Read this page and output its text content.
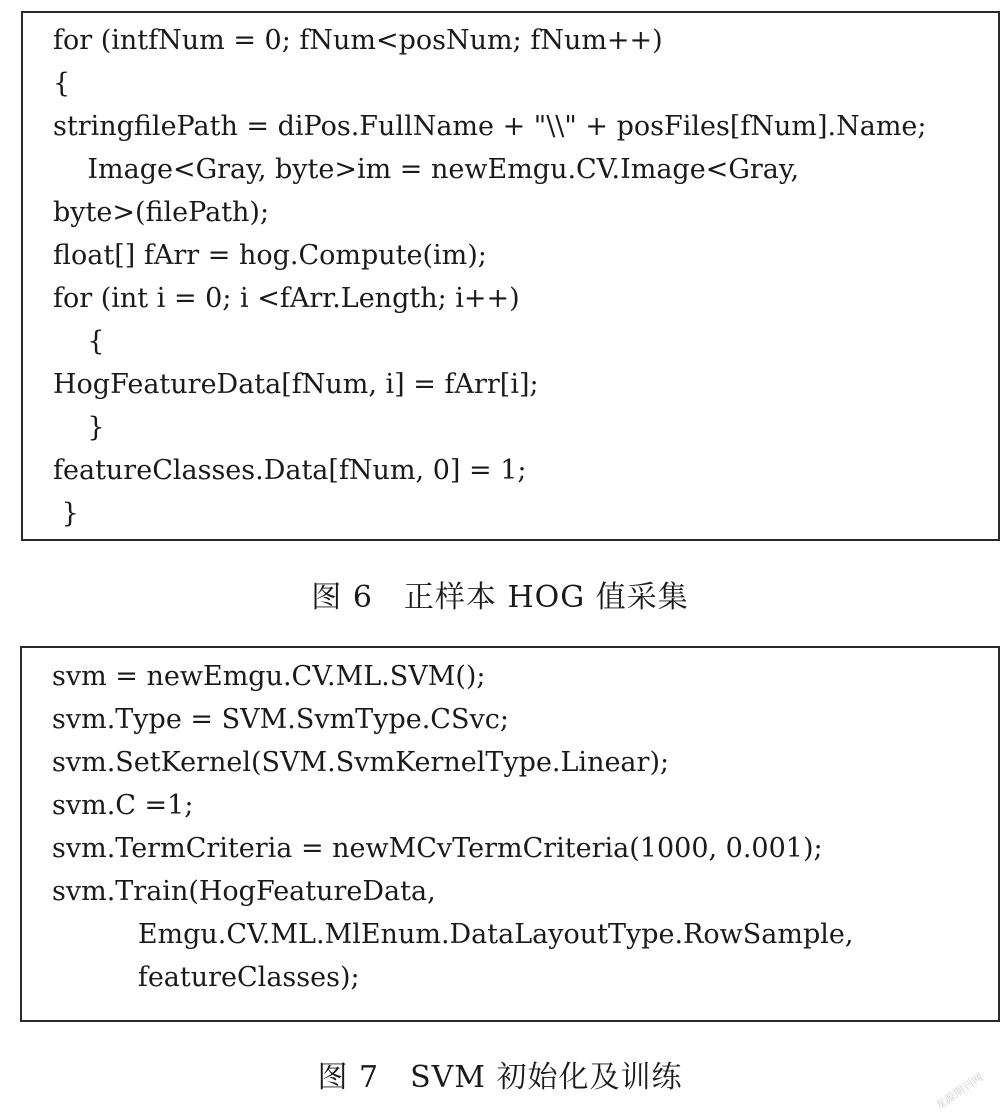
for (intfNum = 0; fNum<posNum; fNum++)
{
stringfilePath = diPos.FullName + "\\" + posFiles[fNum].Name;
Image<Gray, byte>im = newEmgu.CV.Image<Gray,
byte>(filePath);
float[] fArr = hog.Compute(im);
for (int i = 0; i <fArr.Length; i++)
{
HogFeatureData[fNum, i] = fArr[i];
}
featureClasses.Data[fNum, 0] = 1;
}
图 6　正样本 HOG 值采集
svm = newEmgu.CV.ML.SVM();
svm.Type = SVM.SvmType.CSvc;
svm.SetKernel(SVM.SvmKernelType.Linear);
svm.C =1;
svm.TermCriteria = newMCvTermCriteria(1000, 0.001);
svm.Train(HogFeatureData,
Emgu.CV.ML.MlEnum.DataLayoutType.RowSample,
featureClasses);
图 7　SVM 初始化及训练	龙源期刊网
